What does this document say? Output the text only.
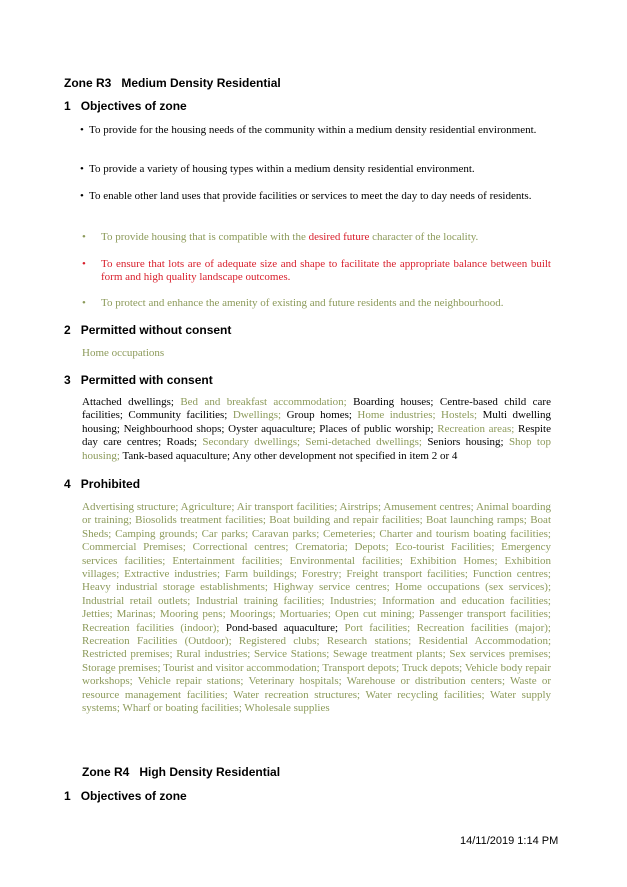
Zone R3 Medium Density Residential
1 Objectives of zone
• To provide for the housing needs of the community within a medium density residential environment.
• To provide a variety of housing types within a medium density residential environment.
• To enable other land uses that provide facilities or services to meet the day to day needs of residents.
• To provide housing that is compatible with the desired future character of the locality.
• To ensure that lots are of adequate size and shape to facilitate the appropriate balance between built form and high quality landscape outcomes.
• To protect and enhance the amenity of existing and future residents and the neighbourhood.
2 Permitted without consent
Home occupations
3 Permitted with consent
Attached dwellings; Bed and breakfast accommodation; Boarding houses; Centre-based child care facilities; Community facilities; Dwellings; Group homes; Home industries; Hostels; Multi dwelling housing; Neighbourhood shops; Oyster aquaculture; Places of public worship; Recreation areas; Respite day care centres; Roads; Secondary dwellings; Semi-detached dwellings; Seniors housing; Shop top housing; Tank-based aquaculture; Any other development not specified in item 2 or 4
4 Prohibited
Advertising structure; Agriculture; Air transport facilities; Airstrips; Amusement centres; Animal boarding or training; Biosolids treatment facilities; Boat building and repair facilities; Boat launching ramps; Boat Sheds; Camping grounds; Car parks; Caravan parks; Cemeteries; Charter and tourism boating facilities; Commercial Premises; Correctional centres; Crematoria; Depots; Eco-tourist Facilities; Emergency services facilities; Entertainment facilities; Environmental facilities; Exhibition Homes; Exhibition villages; Extractive industries; Farm buildings; Forestry; Freight transport facilities; Function centres; Heavy industrial storage establishments; Highway service centres; Home occupations (sex services); Industrial retail outlets; Industrial training facilities; Industries; Information and education facilities; Jetties; Marinas; Mooring pens; Moorings; Mortuaries; Open cut mining; Passenger transport facilities; Recreation facilities (indoor); Pond-based aquaculture; Port facilities; Recreation facilities (major); Recreation Facilities (Outdoor); Registered clubs; Research stations; Residential Accommodation; Restricted premises; Rural industries; Service Stations; Sewage treatment plants; Sex services premises; Storage premises; Tourist and visitor accommodation; Transport depots; Truck depots; Vehicle body repair workshops; Vehicle repair stations; Veterinary hospitals; Warehouse or distribution centers; Waste or resource management facilities; Water recreation structures; Water recycling facilities; Water supply systems; Wharf or boating facilities; Wholesale supplies
Zone R4 High Density Residential
1 Objectives of zone
14/11/2019 1:14 PM
